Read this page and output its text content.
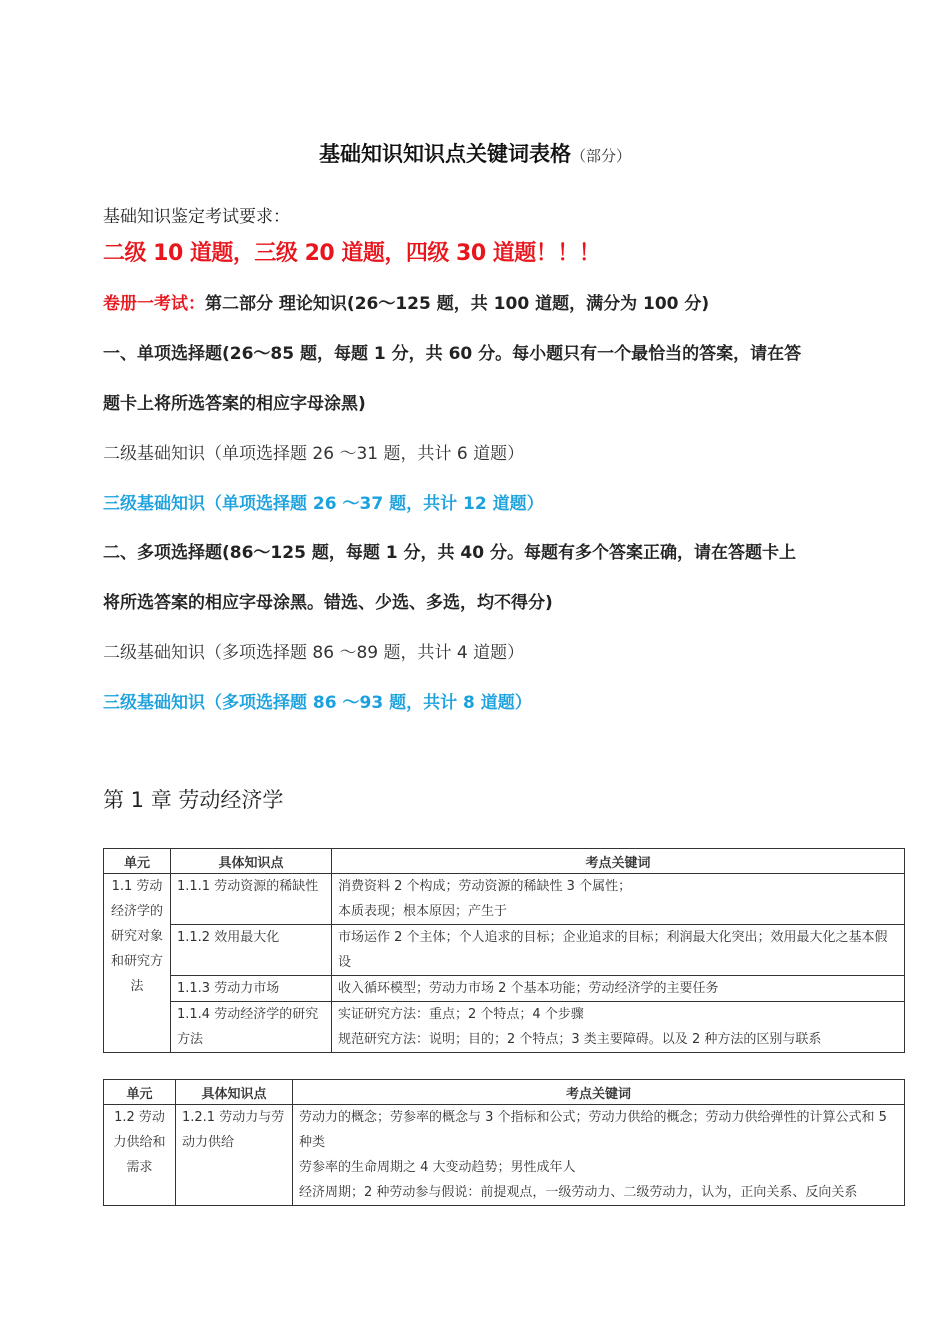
基础知识知识点关键词表格（部分）
基础知识鉴定考试要求：
二级 10 道题，三级 20 道题，四级 30 道题！！！
卷册一考试：第二部分 理论知识(26～125 题，共 100 道题，满分为 100 分)
一、单项选择题(26～85 题，每题 1 分，共 60 分。每小题只有一个最恰当的答案，请在答
题卡上将所选答案的相应字母涂黑)
二级基础知识（单项选择题 26 ～31 题，共计 6 道题）
三级基础知识（单项选择题 26 ～37 题，共计 12 道题）
二、多项选择题(86～125 题，每题 1 分，共 40 分。每题有多个答案正确，请在答题卡上
将所选答案的相应字母涂黑。错选、少选、多选，均不得分)
二级基础知识（多项选择题 86 ～89 题，共计 4 道题）
三级基础知识（多项选择题 86 ～93 题，共计 8 道题）
第 1 章 劳动经济学
单元	具体知识点	考点关键词
1.1 劳动经济学的研究对象和研究方法	1.1.1 劳动资源的稀缺性	消费资料 2 个构成；劳动资源的稀缺性 3 个属性；
本质表现；根本原因；产生于

	1.1.2 效用最大化	市场运作 2 个主体；个人追求的目标；企业追求的目标；利润最大化突出；效用最大化之基本假设

	1.1.3 劳动力市场	收入循环模型；劳动力市场 2 个基本功能；劳动经济学的主要任务

	1.1.4 劳动经济学的研究方法	实证研究方法：重点；2 个特点；4 个步骤
规范研究方法：说明；目的；2 个特点；3 类主要障碍。以及 2 种方法的区别与联系
单元	具体知识点	考点关键词
1.2 劳动力供给和需求	1.2.1 劳动力与劳动力供给	劳动力的概念；劳参率的概念与 3 个指标和公式；劳动力供给的概念；劳动力供给弹性的计算公式和 5 种类
劳参率的生命周期之 4 大变动趋势；男性成年人
经济周期；2 种劳动参与假说：前提观点，一级劳动力、二级劳动力，认为，正向关系、反向关系
